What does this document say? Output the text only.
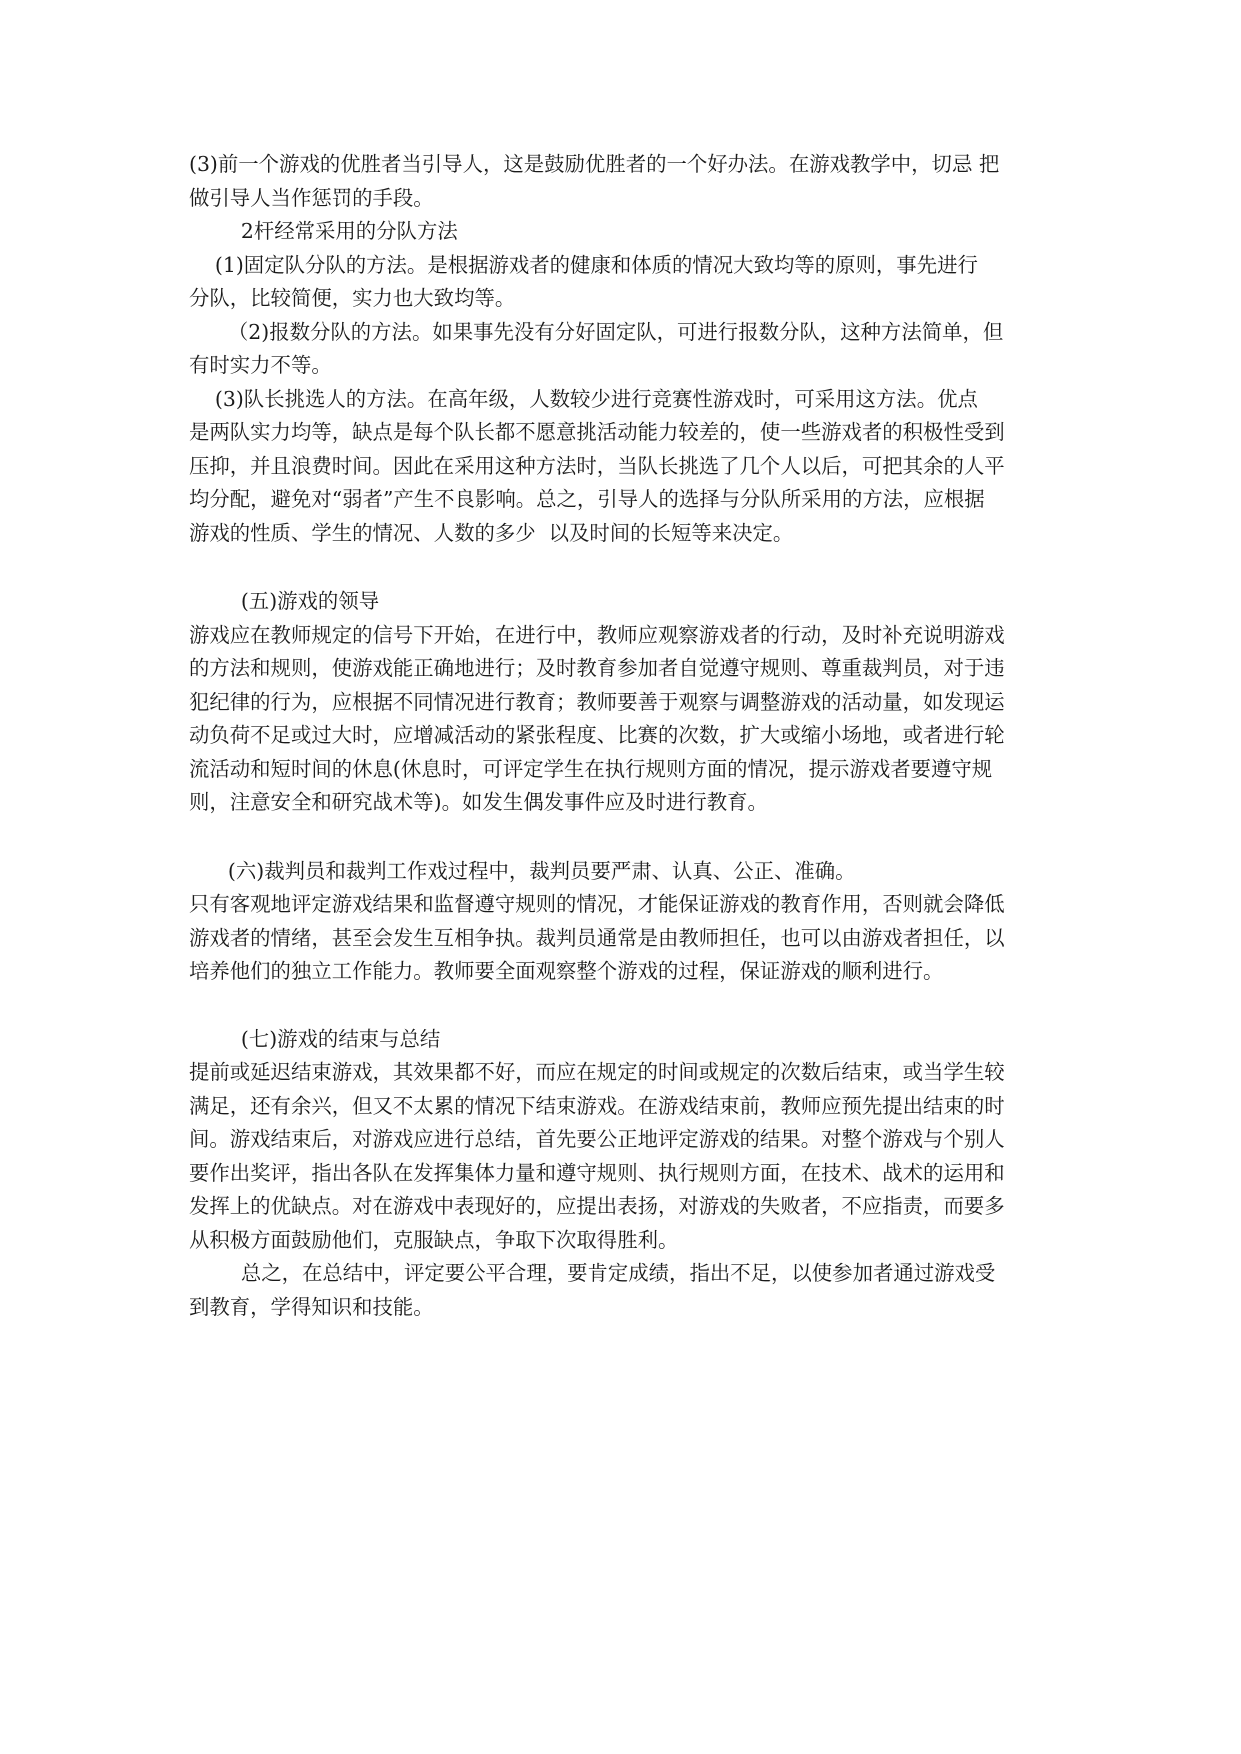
(3)前一个游戏的优胜者当引导人，这是鼓励优胜者的一个好办法。在游戏教学中，切忌 把
做引导人当作惩罚的手段。
2杆经常采用的分队方法
(1)固定队分队的方法。是根据游戏者的健康和体质的情况大致均等的原则，事先进行
分队，比较简便，实力也大致均等。
（2)报数分队的方法。如果事先没有分好固定队，可进行报数分队，这种方法简单，但
有时实力不等。
(3)队长挑选人的方法。在高年级，人数较少进行竞赛性游戏时，可采用这方法。优点
是两队实力均等，缺点是每个队长都不愿意挑活动能力较差的，使一些游戏者的积极性受到
压抑，并且浪费时间。因此在采用这种方法时，当队长挑选了几个人以后，可把其余的人平
均分配，避免对“弱者”产生不良影响。总之，引导人的选择与分队所采用的方法，应根据
游戏的性质、学生的情况、人数的多少  以及时间的长短等来决定。
(五)游戏的领导
游戏应在教师规定的信号下开始，在进行中，教师应观察游戏者的行动，及时补充说明游戏
的方法和规则，使游戏能正确地进行；及时教育参加者自觉遵守规则、尊重裁判员，对于违
犯纪律的行为，应根据不同情况进行教育；教师要善于观察与调整游戏的活动量，如发现运
动负荷不足或过大时，应增减活动的紧张程度、比赛的次数，扩大或缩小场地，或者进行轮
流活动和短时间的休息(休息时，可评定学生在执行规则方面的情况，提示游戏者要遵守规
则，注意安全和研究战术等)。如发生偶发事件应及时进行教育。
(六)裁判员和裁判工作戏过程中，裁判员要严肃、认真、公正、准确。
只有客观地评定游戏结果和监督遵守规则的情况，才能保证游戏的教育作用，否则就会降低
游戏者的情绪，甚至会发生互相争执。裁判员通常是由教师担任，也可以由游戏者担任，以
培养他们的独立工作能力。教师要全面观察整个游戏的过程，保证游戏的顺利进行。
(七)游戏的结束与总结
提前或延迟结束游戏，其效果都不好，而应在规定的时间或规定的次数后结束，或当学生较
满足，还有余兴，但又不太累的情况下结束游戏。在游戏结束前，教师应预先提出结束的时
间。游戏结束后，对游戏应进行总结，首先要公正地评定游戏的结果。对整个游戏与个别人
要作出奖评，指出各队在发挥集体力量和遵守规则、执行规则方面，在技术、战术的运用和
发挥上的优缺点。对在游戏中表现好的，应提出表扬，对游戏的失败者，不应指责，而要多
从积极方面鼓励他们，克服缺点，争取下次取得胜利。
总之，在总结中，评定要公平合理，要肯定成绩，指出不足，以使参加者通过游戏受
到教育，学得知识和技能。
